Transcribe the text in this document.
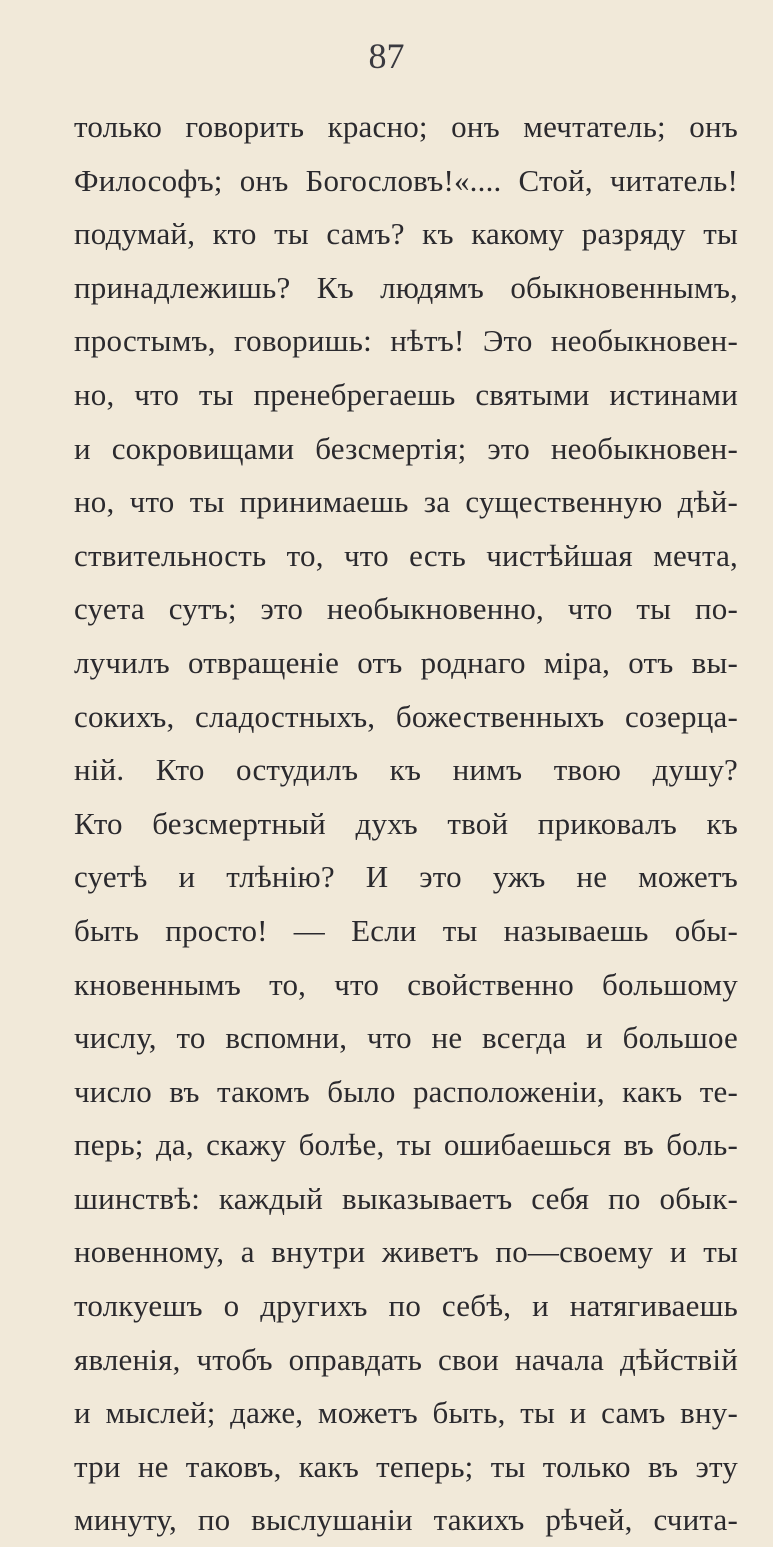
87
только говорить красно; онъ мечтатель; онъ
Философъ; онъ Богословъ!«.... Стой, читатель!
подумай, кто ты самъ? къ какому разряду ты
принадлежишь? Къ людямъ обыкновеннымъ,
простымъ, говоришь: нѣтъ! Это необыкновен-
но, что ты пренебрегаешь святыми истинами
и сокровищами безсмертія; это необыкновен-
но, что ты принимаешь за существенную дѣй-
ствительность то, что есть чистѣйшая мечта,
суета сутъ; это необыкновенно, что ты по-
лучилъ отвращеніе отъ роднаго міра, отъ вы-
сокихъ, сладостныхъ, божественныхъ созерца-
ній. Кто остудилъ къ нимъ твою душу?
Кто безсмертный духъ твой приковалъ къ
суетѣ и тлѣнію? И это ужъ не можетъ
быть просто! — Если ты называешь обы-
кновеннымъ то, что свойственно большому
числу, то вспомни, что не всегда и большое
число въ такомъ было расположеніи, какъ те-
перь; да, скажу болѣе, ты ошибаешься въ боль-
шинствѣ: каждый выказываетъ себя по обык-
новенному, а внутри живетъ по—своему и ты
толкуешъ о другихъ по себѣ, и натягиваешь
явленія, чтобъ оправдать свои начала дѣйствій
и мыслей; даже, можетъ быть, ты и самъ вну-
три не таковъ, какъ теперь; ты только въ эту
минуту, по выслушаніи такихъ рѣчей, счита-
